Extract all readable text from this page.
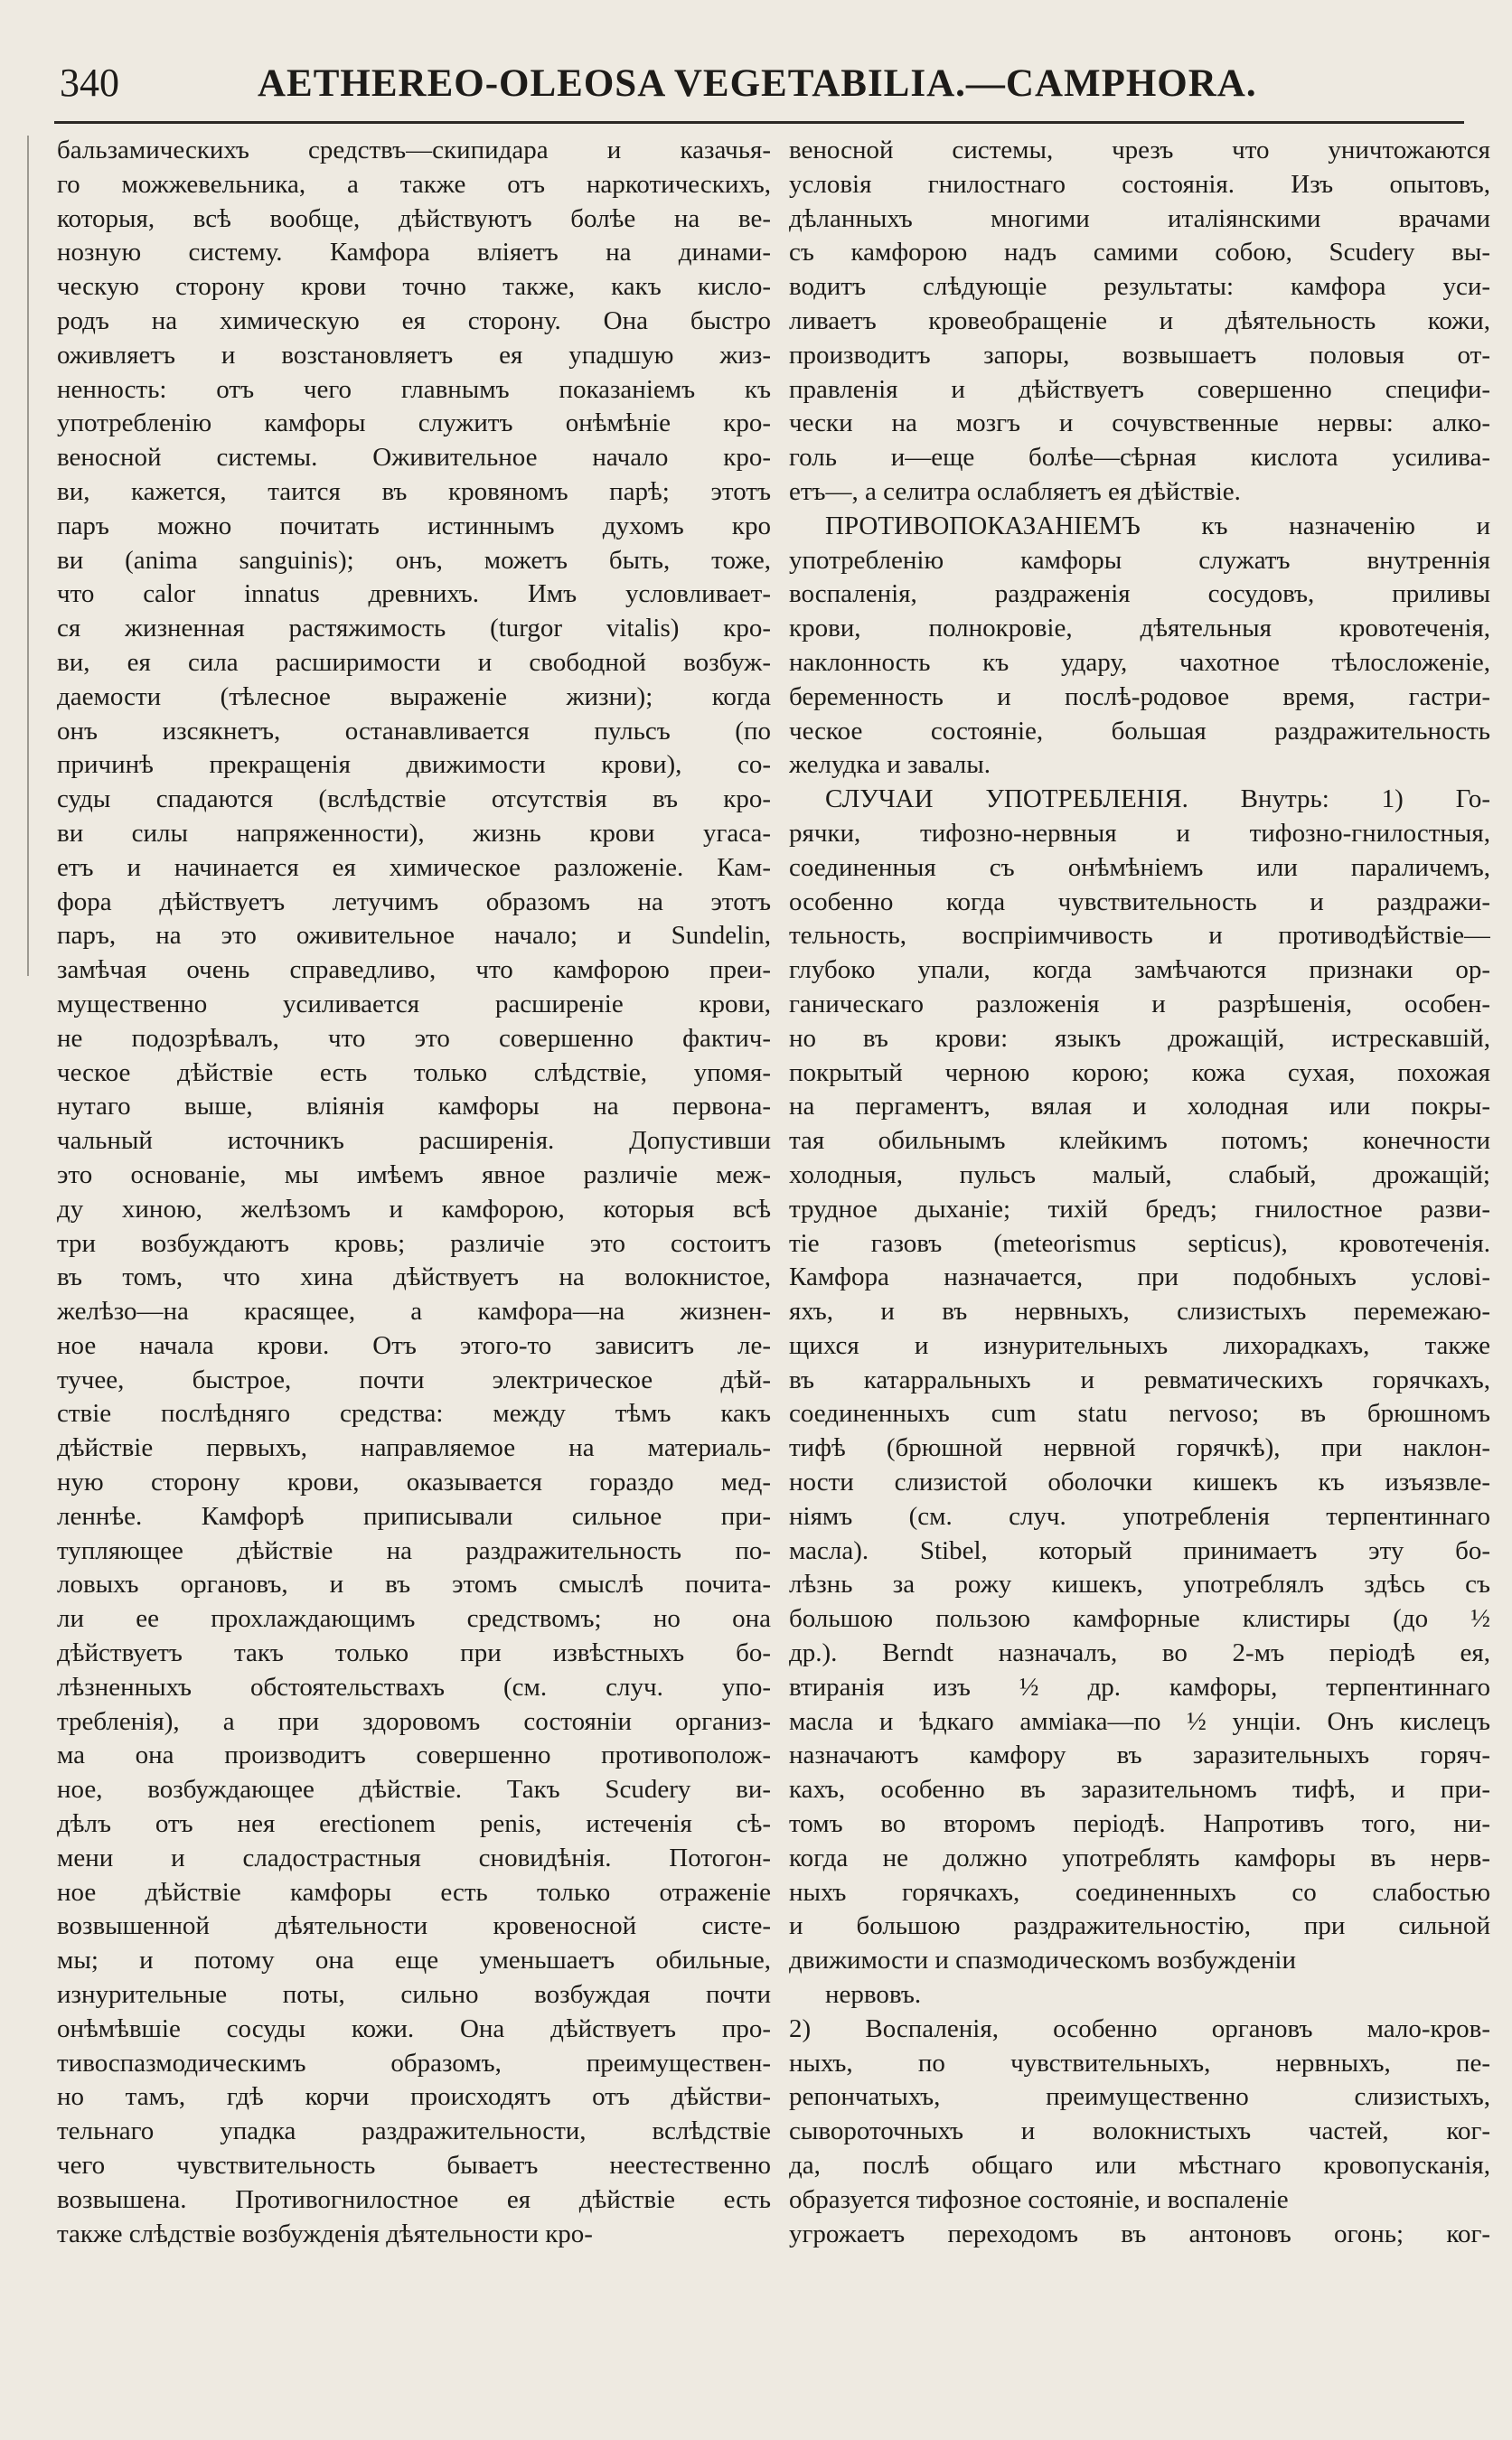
340	AETHEREO-OLEOSA VEGETABILIA.—CAMPHORA.
бальзамическихъ средствъ—скипидара и казачья-
го можжевельника, а также отъ наркотическихъ,
которыя, всѣ вообще, дѣйствуютъ болѣе на ве-
нозную систему. Камфора вліяетъ на динами-
ческую сторону крови точно также, какъ кисло-
родъ на химическую ея сторону. Она быстро
оживляетъ и возстановляетъ ея упадшую жиз-
ненность: отъ чего главнымъ показаніемъ къ
употребленію камфоры служитъ онѣмѣніе кро-
веносной системы. Оживительное начало кро-
ви, кажется, таится въ кровяномъ парѣ; этотъ
паръ можно почитать истиннымъ духомъ кро
ви (anima sanguinis); онъ, можетъ быть, тоже,
что calor innatus древнихъ. Имъ условливает-
ся жизненная растяжимость (turgor vitalis) кро-
ви, ея сила расширимости и свободной возбуж-
даемости (тѣлесное выраженіе жизни); когда
онъ изсякнетъ, останавливается пульсъ (по
причинѣ прекращенія движимости крови), со-
суды спадаются (вслѣдствіе отсутствія въ кро-
ви силы напряженности), жизнь крови угаса-
етъ и начинается ея химическое разложеніе. Кам-
фора дѣйствуетъ летучимъ образомъ на этотъ
паръ, на это оживительное начало; и Sundelin,
замѣчая очень справедливо, что камфорою преи-
мущественно усиливается расширеніе крови,
не подозрѣвалъ, что это совершенно фактич-
ческое дѣйствіе есть только слѣдствіе, упомя-
нутаго выше, вліянія камфоры на первона-
чальный источникъ расширенія. Допустивши
это основаніе, мы имѣемъ явное различіе меж-
ду хиною, желѣзомъ и камфорою, которыя всѣ
три возбуждаютъ кровь; различіе это состоитъ
въ томъ, что хина дѣйствуетъ на волокнистое,
желѣзо—на красящее, а камфора—на жизнен-
ное начала крови. Отъ этого-то зависитъ ле-
тучее, быстрое, почти электрическое дѣй-
ствіе послѣдняго средства: между тѣмъ какъ
дѣйствіе первыхъ, направляемое на материаль-
ную сторону крови, оказывается гораздо мед-
леннѣе. Камфорѣ приписывали сильное при-
тупляющее дѣйствіе на раздражительность по-
ловыхъ органовъ, и въ этомъ смыслѣ почита-
ли ее прохлаждающимъ средствомъ; но она
дѣйствуетъ такъ только при извѣстныхъ бо-
лѣзненныхъ обстоятельствахъ (см. случ. упо-
требленія), а при здоровомъ состояніи организ-
ма она производитъ совершенно противополож-
ное, возбуждающее дѣйствіе. Такъ Scudery ви-
дѣлъ отъ нея erectionem penis, истеченія сѣ-
мени и сладострастныя сновидѣнія. Потогон-
ное дѣйствіе камфоры есть только отраженіе
возвышенной дѣятельности кровеносной систе-
мы; и потому она еще уменьшаетъ обильные,
изнурительные поты, сильно возбуждая почти
онѣмѣвшіе сосуды кожи. Она дѣйствуетъ про-
тивоспазмодическимъ образомъ, преимуществен-
но тамъ, гдѣ корчи происходятъ отъ дѣйстви-
тельнаго упадка раздражительности, вслѣдствіе
чего чувствительность бываетъ неестественно
возвышена. Противогнилостное ея дѣйствіе есть
также слѣдствіе возбужденія дѣятельности кро-
веносной системы, чрезъ что уничтожаются
условія гнилостнаго состоянія. Изъ опытовъ,
дѣланныхъ многими италіянскими врачами
съ камфорою надъ самими собою, Scudery вы-
водитъ слѣдующіе результаты: камфора уси-
ливаетъ кровеобращеніе и дѣятельность кожи,
производитъ запоры, возвышаетъ половыя от-
правленія и дѣйствуетъ совершенно специфи-
чески на мозгъ и сочувственные нервы: алко-
голь и—еще болѣе—сѣрная кислота усилива-
етъ—, а селитра ослабляетъ ея дѣйствіе.
ПРОТИВОПОКАЗАНІЕМЪ къ назначенію и
употребленію камфоры служатъ внутреннія
воспаленія, раздраженія сосудовъ, приливы
крови, полнокровіе, дѣятельныя кровотеченія,
наклонность къ удару, чахотное тѣлосложеніе,
беременность и послѣ-родовое время, гастри-
ческое состояніе, большая раздражительность
желудка и завалы.
СЛУЧАИ УПОТРЕБЛЕНІЯ. Внутрь: 1) Го-
рячки, тифозно-нервныя и тифозно-гнилостныя,
соединенныя съ онѣмѣніемъ или параличемъ,
особенно когда чувствительность и раздражи-
тельность, воспріимчивость и противодѣйствіе—
глубоко упали, когда замѣчаются признаки ор-
ганическаго разложенія и разрѣшенія, особен-
но въ крови: языкъ дрожащій, истрескавшій,
покрытый черною корою; кожа сухая, похожая
на пергаментъ, вялая и холодная или покры-
тая обильнымъ клейкимъ потомъ; конечности
холодныя, пульсъ малый, слабый, дрожащій;
трудное дыханіе; тихій бредъ; гнилостное разви-
тіе газовъ (meteorismus septicus), кровотеченія.
Камфора назначается, при подобныхъ услові-
яхъ, и въ нервныхъ, слизистыхъ перемежаю-
щихся и изнурительныхъ лихорадкахъ, также
въ катарральныхъ и ревматическихъ горячкахъ,
соединенныхъ cum statu nervoso; въ брюшномъ
тифѣ (брюшной нервной горячкѣ), при наклон-
ности слизистой оболочки кишекъ къ изъязвле-
ніямъ (см. случ. употребленія терпентиннаго
масла). Stibel, который принимаетъ эту бо-
лѣзнь за рожу кишекъ, употреблялъ здѣсь съ
большою пользою камфорные клистиры (до ½
др.). Berndt назначалъ, во 2-мъ періодѣ ея,
втиранія изъ ½ др. камфоры, терпентиннаго
масла и ѣдкаго аммiака—по ½ унціи. Онъ кислецъ
назначаютъ камфору въ заразительныхъ горяч-
кахъ, особенно въ заразительномъ тифѣ, и при-
томъ во второмъ періодѣ. Напротивъ того, ни-
когда не должно употреблять камфоры въ нерв-
ныхъ горячкахъ, соединенныхъ со слабостью
и большою раздражительностію, при сильной
движимости и спазмодическомъ возбужденіи
нервовъ.
2) Воспаленія, особенно органовъ мало-кров-
ныхъ, по чувствительныхъ, нервныхъ, пе-
репончатыхъ, преимущественно слизистыхъ,
сывороточныхъ и волокнистыхъ частей, ког-
да, послѣ общаго или мѣстнаго кровопусканія,
образуется тифозное состояніе, и воспаленіе
угрожаетъ переходомъ въ антоновъ огонь; ког-
